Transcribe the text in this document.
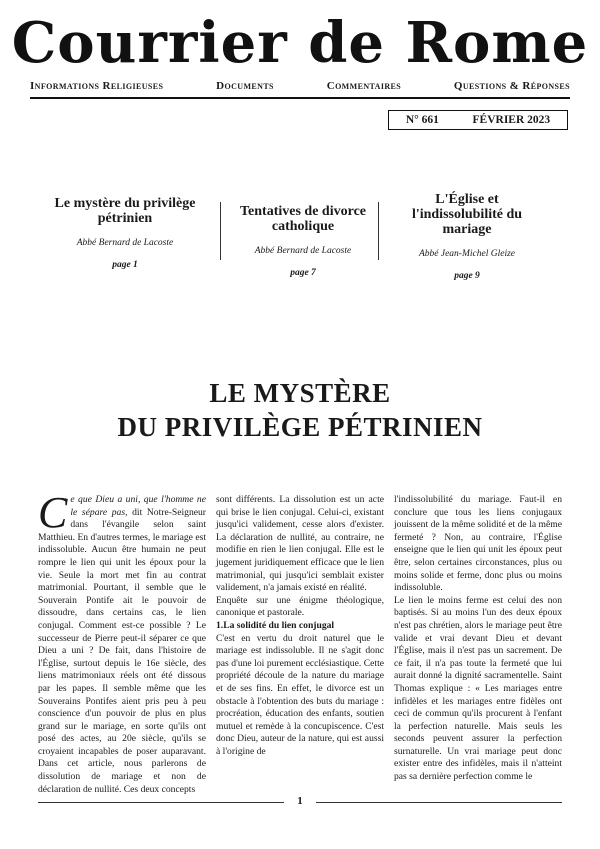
Courrier de Rome
Informations Religieuses	Documents	Commentaires	Questions & Réponses
N° 661	FÉVRIER 2023
Le mystère du privilège pétrinien
Abbé Bernard de Lacoste
page 1
Tentatives de divorce catholique
Abbé Bernard de Lacoste
page 7
L'Église et l'indissolubilité du mariage
Abbé Jean-Michel Gleize
page 9
LE MYSTÈRE
DU PRIVILÈGE PÉTRINIEN

Ce que Dieu a uni, que l'homme ne le sépare pas, dit Notre-Seigneur dans l'évangile selon saint Matthieu. En d'autres termes, le mariage est indissoluble. Aucun être humain ne peut rompre le lien qui unit les époux pour la vie. Seule la mort met fin au contrat matrimonial. Pourtant, il semble que le Souverain Pontife ait le pouvoir de dissoudre, dans certains cas, le lien conjugal. Comment est-ce possible ? Le successeur de Pierre peut-il séparer ce que Dieu a uni ? De fait, dans l'histoire de l'Église, surtout depuis le 16e siècle, des liens matrimoniaux réels ont été dissous par les papes. Il semble même que les Souverains Pontifes aient pris peu à peu conscience d'un pouvoir de plus en plus grand sur le mariage, en sorte qu'ils ont posé des actes, au 20e siècle, qu'ils se croyaient incapables de poser auparavant. Dans cet article, nous parlerons de dissolution de mariage et non de déclaration de nullité. Ces deux concepts

sont différents. La dissolution est un acte qui brise le lien conjugal. Celui-ci, existant jusqu'ici validement, cesse alors d'exister. La déclaration de nullité, au contraire, ne modifie en rien le lien conjugal. Elle est le jugement juridiquement efficace que le lien matrimonial, qui jusqu'ici semblait exister validement, n'a jamais existé en réalité.

Enquête sur une énigme théologique, canonique et pastorale.

1.La solidité du lien conjugal

C'est en vertu du droit naturel que le mariage est indissoluble. Il ne s'agit donc pas d'une loi purement ecclésiastique. Cette propriété découle de la nature du mariage et de ses fins. En effet, le divorce est un obstacle à l'obtention des buts du mariage : procréation, éducation des enfants, soutien mutuel et remède à la concupiscence. C'est donc Dieu, auteur de la nature, qui est aussi à l'origine de

l'indissolubilité du mariage. Faut-il en conclure que tous les liens conjugaux jouissent de la même solidité et de la même fermeté ? Non, au contraire, l'Église enseigne que le lien qui unit les époux peut être, selon certaines circonstances, plus ou moins solide et ferme, donc plus ou moins indissoluble.

Le lien le moins ferme est celui des non baptisés. Si au moins l'un des deux époux n'est pas chrétien, alors le mariage peut être valide et vrai devant Dieu et devant l'Église, mais il n'est pas un sacrement. De ce fait, il n'a pas toute la fermeté que lui aurait donné la dignité sacramentelle. Saint Thomas explique : « Les mariages entre infidèles et les mariages entre fidèles ont ceci de commun qu'ils procurent à l'enfant la perfection naturelle. Mais seuls les seconds peuvent assurer la perfection surnaturelle. Un vrai mariage peut donc exister entre des infidèles, mais il n'atteint pas sa dernière perfection comme le

1
